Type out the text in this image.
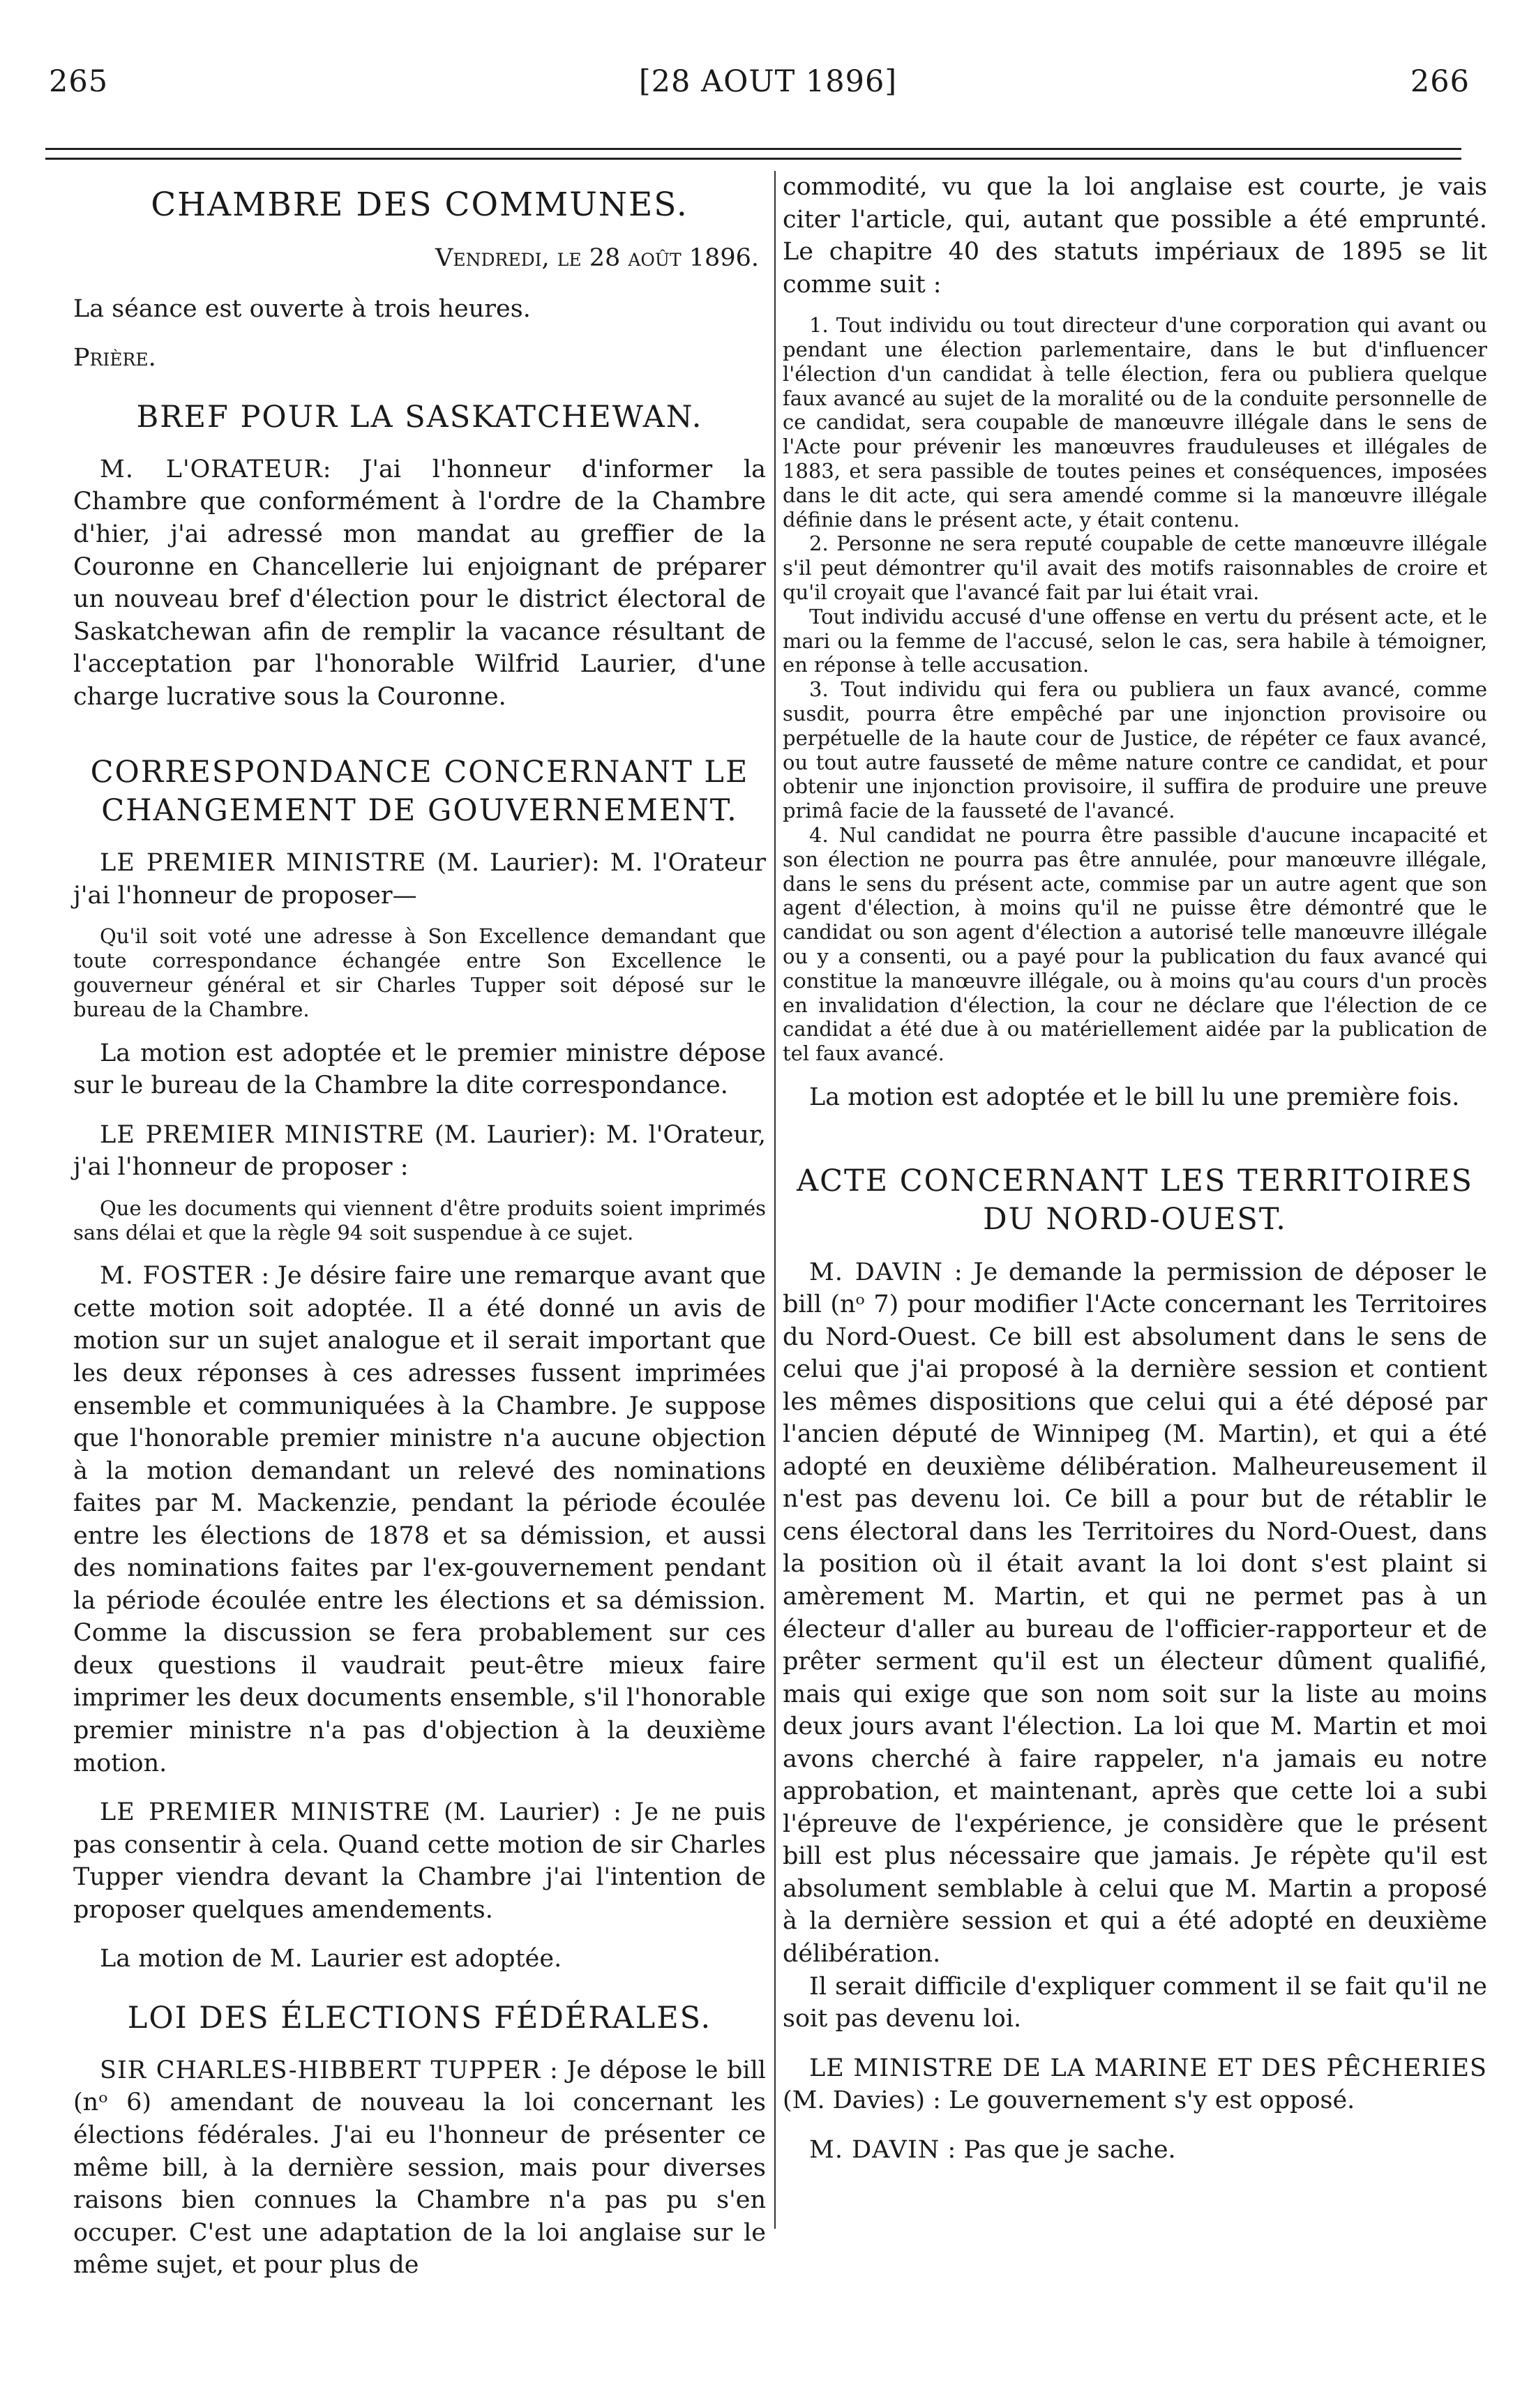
265	[28 AOUT 1896]	266
CHAMBRE DES COMMUNES.
Vendredi, le 28 août 1896.

La séance est ouverte à trois heures.

Prière.

BREF POUR LA SASKATCHEWAN.

M. L'ORATEUR: J'ai l'honneur d'informer la Chambre que conformément à l'ordre de la Chambre d'hier, j'ai adressé mon mandat au greffier de la Couronne en Chancellerie lui enjoignant de préparer un nouveau bref d'élection pour le district électoral de Saskatchewan afin de remplir la vacance résultant de l'acceptation par l'honorable Wilfrid Laurier, d'une charge lucrative sous la Couronne.

CORRESPONDANCE CONCERNANT LE CHANGEMENT DE GOUVERNEMENT.

LE PREMIER MINISTRE (M. Laurier): M. l'Orateur j'ai l'honneur de proposer—

Qu'il soit voté une adresse à Son Excellence demandant que toute correspondance échangée entre Son Excellence le gouverneur général et sir Charles Tupper soit déposé sur le bureau de la Chambre.

La motion est adoptée et le premier ministre dépose sur le bureau de la Chambre la dite correspondance.

LE PREMIER MINISTRE (M. Laurier): M. l'Orateur, j'ai l'honneur de proposer :

Que les documents qui viennent d'être produits soient imprimés sans délai et que la règle 94 soit suspendue à ce sujet.

M. FOSTER : Je désire faire une remarque avant que cette motion soit adoptée. Il a été donné un avis de motion sur un sujet analogue et il serait important que les deux réponses à ces adresses fussent imprimées ensemble et communiquées à la Chambre. Je suppose que l'honorable premier ministre n'a aucune objection à la motion demandant un relevé des nominations faites par M. Mackenzie, pendant la période écoulée entre les élections de 1878 et sa démission, et aussi des nominations faites par l'ex-gouvernement pendant la période écoulée entre les élections et sa démission. Comme la discussion se fera probablement sur ces deux questions il vaudrait peut-être mieux faire imprimer les deux documents ensemble, s'il l'honorable premier ministre n'a pas d'objection à la deuxième motion.

LE PREMIER MINISTRE (M. Laurier) : Je ne puis pas consentir à cela. Quand cette motion de sir Charles Tupper viendra devant la Chambre j'ai l'intention de proposer quelques amendements.

La motion de M. Laurier est adoptée.

LOI DES ÉLECTIONS FÉDÉRALES.

SIR CHARLES-HIBBERT TUPPER : Je dépose le bill (nᵒ 6) amendant de nouveau la loi concernant les élections fédérales. J'ai eu l'honneur de présenter ce même bill, à la dernière session, mais pour diverses raisons bien connues la Chambre n'a pas pu s'en occuper. C'est une adaptation de la loi anglaise sur le même sujet, et pour plus de

commodité, vu que la loi anglaise est courte, je vais citer l'article, qui, autant que possible a été emprunté. Le chapitre 40 des statuts impériaux de 1895 se lit comme suit :

1. Tout individu ou tout directeur d'une corporation qui avant ou pendant une élection parlementaire, dans le but d'influencer l'élection d'un candidat à telle élection, fera ou publiera quelque faux avancé au sujet de la moralité ou de la conduite personnelle de ce candidat, sera coupable de manœuvre illégale dans le sens de l'Acte pour prévenir les manœuvres frauduleuses et illégales de 1883, et sera passible de toutes peines et conséquences, imposées dans le dit acte, qui sera amendé comme si la manœuvre illégale définie dans le présent acte, y était contenu.

2. Personne ne sera reputé coupable de cette manœuvre illégale s'il peut démontrer qu'il avait des motifs raisonnables de croire et qu'il croyait que l'avancé fait par lui était vrai.

Tout individu accusé d'une offense en vertu du présent acte, et le mari ou la femme de l'accusé, selon le cas, sera habile à témoigner, en réponse à telle accusation.

3. Tout individu qui fera ou publiera un faux avancé, comme susdit, pourra être empêché par une injonction provisoire ou perpétuelle de la haute cour de Justice, de répéter ce faux avancé, ou tout autre fausseté de même nature contre ce candidat, et pour obtenir une injonction provisoire, il suffira de produire une preuve primâ facie de la fausseté de l'avancé.

4. Nul candidat ne pourra être passible d'aucune incapacité et son élection ne pourra pas être annulée, pour manœuvre illégale, dans le sens du présent acte, commise par un autre agent que son agent d'élection, à moins qu'il ne puisse être démontré que le candidat ou son agent d'élection a autorisé telle manœuvre illégale ou y a consenti, ou a payé pour la publication du faux avancé qui constitue la manœuvre illégale, ou à moins qu'au cours d'un procès en invalidation d'élection, la cour ne déclare que l'élection de ce candidat a été due à ou matériellement aidée par la publication de tel faux avancé.

La motion est adoptée et le bill lu une première fois.

ACTE CONCERNANT LES TERRITOIRES DU NORD-OUEST.

M. DAVIN : Je demande la permission de déposer le bill (nᵒ 7) pour modifier l'Acte concernant les Territoires du Nord-Ouest. Ce bill est absolument dans le sens de celui que j'ai proposé à la dernière session et contient les mêmes dispositions que celui qui a été déposé par l'ancien député de Winnipeg (M. Martin), et qui a été adopté en deuxième délibération. Malheureusement il n'est pas devenu loi. Ce bill a pour but de rétablir le cens électoral dans les Territoires du Nord-Ouest, dans la position où il était avant la loi dont s'est plaint si amèrement M. Martin, et qui ne permet pas à un électeur d'aller au bureau de l'officier-rapporteur et de prêter serment qu'il est un électeur dûment qualifié, mais qui exige que son nom soit sur la liste au moins deux jours avant l'élection. La loi que M. Martin et moi avons cherché à faire rappeler, n'a jamais eu notre approbation, et maintenant, après que cette loi a subi l'épreuve de l'expérience, je considère que le présent bill est plus nécessaire que jamais. Je répète qu'il est absolument semblable à celui que M. Martin a proposé à la dernière session et qui a été adopté en deuxième délibération.

Il serait difficile d'expliquer comment il se fait qu'il ne soit pas devenu loi.

LE MINISTRE DE LA MARINE ET DES PÊCHERIES (M. Davies) : Le gouvernement s'y est opposé.

M. DAVIN : Pas que je sache.
